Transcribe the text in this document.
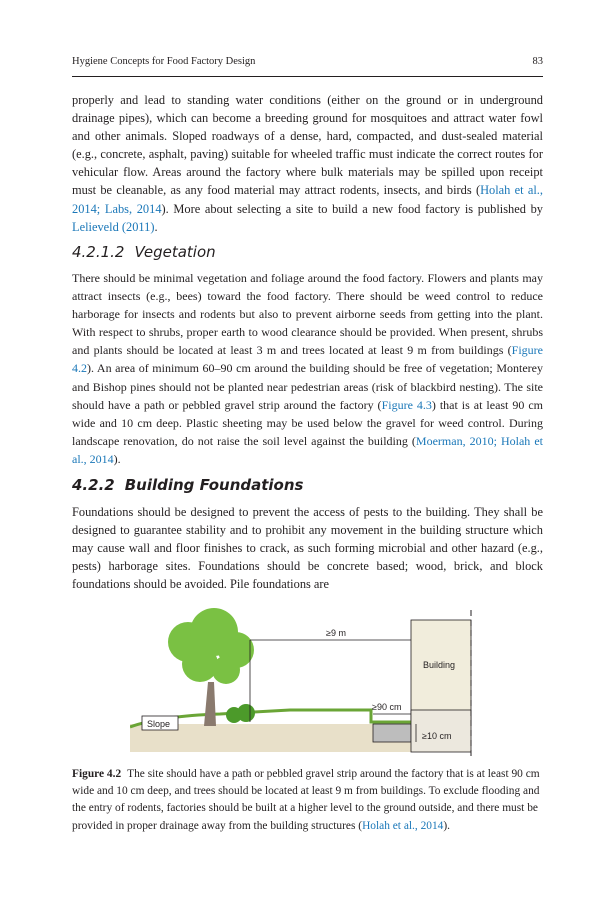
Hygiene Concepts for Food Factory Design	83

properly and lead to standing water conditions (either on the ground or in underground drainage pipes), which can become a breeding ground for mosquitoes and attract water fowl and other animals. Sloped roadways of a dense, hard, compacted, and dust-sealed material (e.g., concrete, asphalt, paving) suitable for wheeled traffic must indicate the correct routes for vehicular flow. Areas around the factory where bulk materials may be spilled upon receipt must be cleanable, as any food material may attract rodents, insects, and birds (Holah et al., 2014; Labs, 2014). More about selecting a site to build a new food factory is published by Lelieveld (2011).

4.2.1.2 Vegetation

There should be minimal vegetation and foliage around the food factory. Flowers and plants may attract insects (e.g., bees) toward the food factory. There should be weed control to reduce harborage for insects and rodents but also to prevent airborne seeds from getting into the plant. With respect to shrubs, proper earth to wood clearance should be provided. When present, shrubs and plants should be located at least 3 m and trees located at least 9 m from buildings (Figure 4.2). An area of minimum 60–90 cm around the building should be free of vegetation; Monterey and Bishop pines should not be planted near pedestrian areas (risk of blackbird nesting). The site should have a path or pebbled gravel strip around the factory (Figure 4.3) that is at least 90 cm wide and 10 cm deep. Plastic sheeting may be used below the gravel for weed control. During landscape renovation, do not raise the soil level against the building (Moerman, 2010; Holah et al., 2014).

4.2.2 Building Foundations

Foundations should be designed to prevent the access of pests to the building. They shall be designed to guarantee stability and to prohibit any movement in the building structure which may cause wall and floor finishes to crack, as such forming microbial and other hazard (e.g., pests) harborage sites. Foundations should be concrete based; wood, brick, and block foundations should be avoided. Pile foundations are

Building
≥9 m
≥90 cm
≥10 cm
Slope
Figure 4.2 The site should have a path or pebbled gravel strip around the factory that is at least 90 cm wide and 10 cm deep, and trees should be located at least 9 m from buildings. To exclude flooding and the entry of rodents, factories should be built at a higher level to the ground outside, and there must be provided in proper drainage away from the building structures (Holah et al., 2014).
